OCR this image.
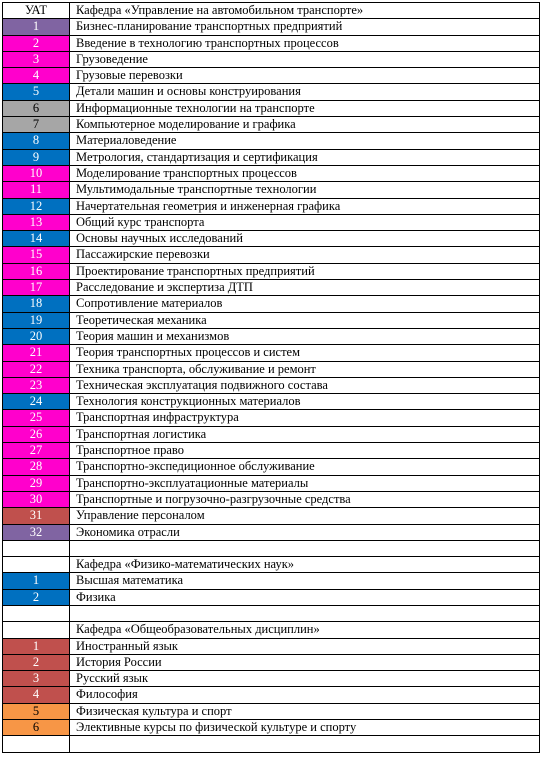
УАТ	Кафедра «Управление на автомобильном транспорте»
1	Бизнес-планирование транспортных предприятий
2	Введение в технологию транспортных процессов
3	Грузоведение
4	Грузовые перевозки
5	Детали машин и основы конструирования
6	Информационные технологии на транспорте
7	Компьютерное моделирование и графика
8	Материаловедение
9	Метрология, стандартизация и сертификация
10	Моделирование транспортных процессов
11	Мультимодальные транспортные технологии
12	Начертательная геометрия и инженерная графика
13	Общий курс транспорта
14	Основы научных исследований
15	Пассажирские перевозки
16	Проектирование транспортных предприятий
17	Расследование и экспертиза ДТП
18	Сопротивление материалов
19	Теоретическая механика
20	Теория машин и механизмов
21	Теория транспортных процессов и систем
22	Техника транспорта, обслуживание и ремонт
23	Техническая эксплуатация подвижного состава
24	Технология конструкционных материалов
25	Транспортная инфраструктура
26	Транспортная логистика
27	Транспортное право
28	Транспортно-экспедиционное обслуживание
29	Транспортно-эксплуатационные материалы
30	Транспортные и погрузочно-разгрузочные средства
31	Управление персоналом
32	Экономика отрасли

	Кафедра «Физико-математических наук»
1	Высшая математика
2	Физика

	Кафедра «Общеобразовательных дисциплин»
1	Иностранный язык
2	История России
3	Русский язык
4	Философия
5	Физическая культура и спорт
6	Элективные курсы по физической культуре и спорту
